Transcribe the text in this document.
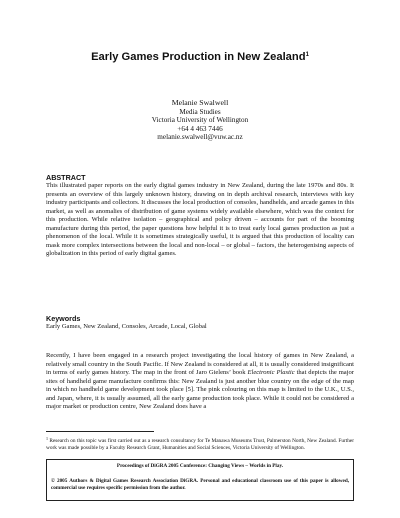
Early Games Production in New Zealand$^1$
Melanie Swalwell
Media Studies
Victoria University of Wellington
+64 4 463 7446
melanie.swalwell@vuw.ac.nz
ABSTRACT
This illustrated paper reports on the early digital games industry in New Zealand, during the late 1970s and 80s. It presents an overview of this largely unknown history, drawing on in depth archival research, interviews with key industry participants and collectors. It discusses the local production of consoles, handhelds, and arcade games in this market, as well as anomalies of distribution of game systems widely available elsewhere, which was the context for this production. While relative isolation – geographical and policy driven – accounts for part of the booming manufacture during this period, the paper questions how helpful it is to treat early local games production as just a phenomenon of the local. While it is sometimes strategically useful, it is argued that this production of locality can mask more complex intersections between the local and non-local – or global – factors, the heterogenising aspects of globalization in this period of early digital games.
Keywords
Early Games, New Zealand, Consoles, Arcade, Local, Global
Recently, I have been engaged in a research project investigating the local history of games in New Zealand, a relatively small country in the South Pacific. If New Zealand is considered at all, it is usually considered insignificant in terms of early games history. The map in the front of Jaro Gielens’ book Electronic Plastic that depicts the major sites of handheld game manufacture confirms this: New Zealand is just another blue country on the edge of the map in which no handheld game development took place [5]. The pink colouring on this map is limited to the U.K., U.S., and Japan, where, it is usually assumed, all the early game production took place. While it could not be considered a major market or production centre, New Zealand does have a
$^1$ Research on this topic was first carried out as a research consultancy for Te Manawa Museums Trust, Palmerston North, New Zealand. Further work was made possible by a Faculty Research Grant, Humanities and Social Sciences, Victoria University of Wellington.
Proceedings of DiGRA 2005 Conference: Changing Views – Worlds in Play.
© 2005 Authors & Digital Games Research Association DiGRA. Personal and educational classroom use of this paper is allowed, commercial use requires specific permission from the author.
